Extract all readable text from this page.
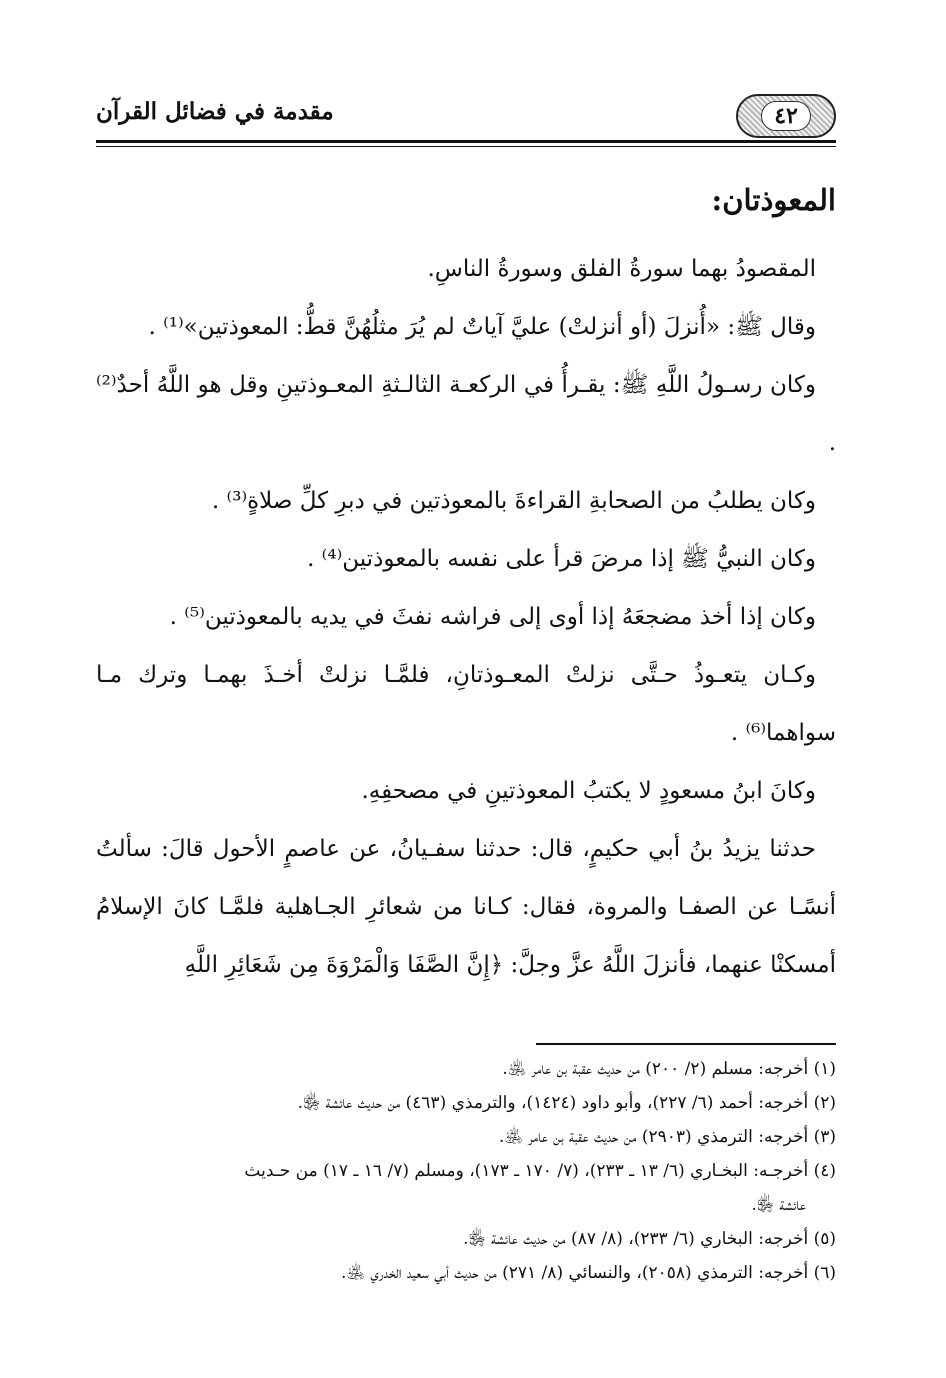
٤٢
مقدمة في فضائل القرآن
المعوذتان:

المقصودُ بهما سورةُ الفلق وسورةُ الناسِ.

وقال ﷺ: «أُنزلَ (أو أنزلتْ) عليَّ آياتٌ لم يُرَ مثلُهُنَّ قطُّ: المعوذتين»⁽¹⁾ .

وكان رسـولُ اللَّهِ ﷺ: يقـرأُ في الركعـة الثالـثةِ المعـوذتينِ وقل هو اللَّهُ أحدٌ⁽²⁾ .

وكان يطلبُ من الصحابةِ القراءةَ بالمعوذتين في دبرِ كلِّ صلاةٍ⁽³⁾ .

وكان النبيُّ ﷺ إذا مرضَ قرأ على نفسه بالمعوذتين⁽⁴⁾ .

وكان إذا أخذ مضجعَهُ إذا أوى إلى فراشه نفثَ في يديه بالمعوذتين⁽⁵⁾ .

وكـان يتعـوذُ حـتَّى نزلتْ المعـوذتانِ، فلمَّـا نزلتْ أخـذَ بهمـا وترك مـا سواهما⁽⁶⁾ .

وكانَ ابنُ مسعودٍ لا يكتبُ المعوذتينِ في مصحفِهِ.

حدثنا يزيدُ بنُ أبي حكيمٍ، قال: حدثنا سفـيانُ، عن عاصمٍ الأحول قالَ: سألتُ أنسًـا عن الصفـا والمروة، فقال: كـانا من شعائرِ الجـاهلية فلمَّـا كانَ الإسلامُ أمسكنْا عنهما، فأنزلَ اللَّهُ عزَّ وجلَّ: ﴿إِنَّ الصَّفَا وَالْمَرْوَةَ مِن شَعَائِرِ اللَّهِ

(١) أخرجه: مسلم (٢/ ٢٠٠) من حديث عقبة بن عامر ﵁.

(٢) أخرجه: أحمد (٦/ ٢٢٧)، وأبو داود (١٤٢٤)، والترمذي (٤٦٣) من حديث عائشة ﵂.

(٣) أخرجه: الترمذي (٢٩٠٣) من حديث عقبة بن عامر ﵁.

(٤) أخرجـه: البخـاري (٦/ ١٣ ـ ٢٣٣)، (٧/ ١٧٠ ـ ١٧٣)، ومسلم (٧/ ١٦ ـ ١٧) من حـديث

عائشة ﵂.

(٥) أخرجه: البخاري (٦/ ٢٣٣)، (٨/ ٨٧) من حديث عائشة ﵂.

(٦) أخرجه: الترمذي (٢٠٥٨)، والنسائي (٨/ ٢٧١) من حديث أبي سعيد الخدري ﵁.
